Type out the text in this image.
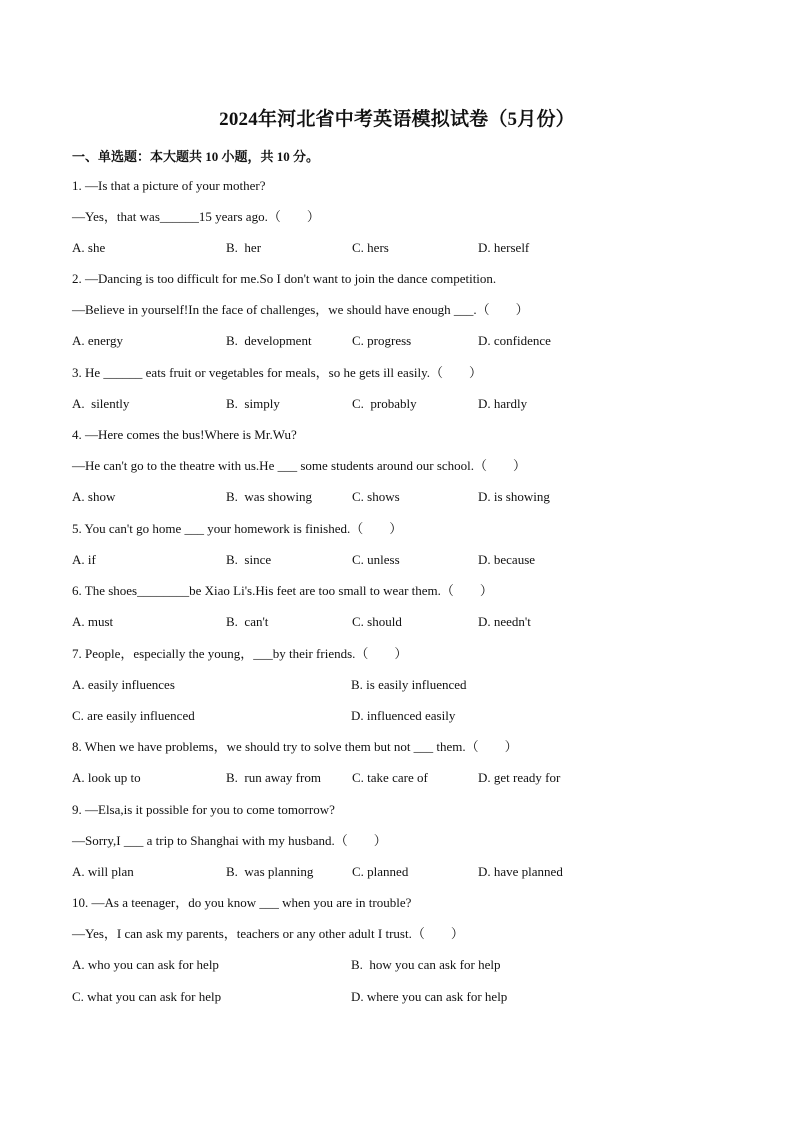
2024年河北省中考英语模拟试卷（5月份）
一、单选题：本大题共 10 小题，共 10 分。
1. —Is that a picture of your mother?
—Yes，that was______15 years ago.（　　）
A. she	B.  her	C. hers	D. herself
2. —Dancing is too difficult for me.So I don't want to join the dance competition.
—Believe in yourself!In the face of challenges，we should have enough ___.（　　）
A. energy	B.  development	C. progress	D. confidence
3. He ______ eats fruit or vegetables for meals，so he gets ill easily.（　　）
A.  silently	B.  simply	C.  probably	D. hardly
4. —Here comes the bus!Where is Mr.Wu?
—He can't go to the theatre with us.He ___ some students around our school.（　　）
A. show	B.  was showing	C. shows	D. is showing
5. You can't go home ___ your homework is finished.（　　）
A. if	B.  since	C. unless	D. because
6. The shoes________be Xiao Li's.His feet are too small to wear them.（　　）
A. must	B.  can't	C. should	D. needn't
7. People，especially the young，___by their friends.（　　）
A. easily influences	B. is easily influenced
C. are easily influenced	D. influenced easily
8. When we have problems，we should try to solve them but not ___ them.（　　）
A. look up to	B.  run away from C. take care of	D. get ready for
9. —Elsa,is it possible for you to come tomorrow?
—Sorry,I ___ a trip to Shanghai with my husband.（　　）
A. will plan	B.  was planning	C. planned	D. have planned
10. —As a teenager，do you know ___ when you are in trouble?
—Yes，I can ask my parents，teachers or any other adult I trust.（　　）
A. who you can ask for help	B.  how you can ask for help
C. what you can ask for help	D. where you can ask for help
